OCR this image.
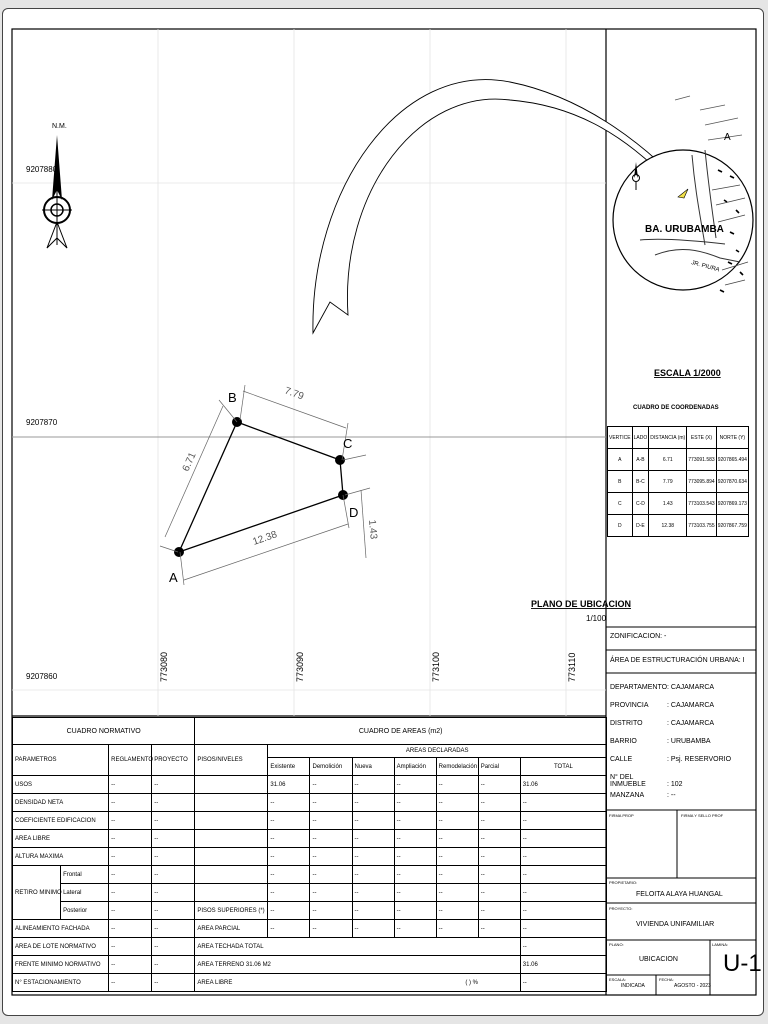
N.M.
9207880
9207870
9207860	773080	773090	773100	773110
A
B
C
D
6.71
7.79
1.43
12.38
PLANO DE UBICACION
1/100
A
BA. URUBAMBA
JR. PIURA
ESCALA 1/2000
CUADRO DE COORDENADAS
VERTICE	LADO	DISTANCIA (m)	ESTE (X)	NORTE (Y)
A	A-B	6.71	773091.583	9207865.494
B	B-C	7.79	773095.894	9207870.634
C	C-D	1.43	773103.543	9207869.173
D	D-E	12.38	773103.755	9207867.759
ZONIFICACION: -
ÁREA DE ESTRUCTURACIÓN URBANA: I
DEPARTAMENTO: CAJAMARCA
PROVINCIA	: CAJAMARCA
DISTRITO	: CAJAMARCA
BARRIO	: URUBAMBA
CALLE	: Psj. RESERVORIO
N° DEL INMUEBLE	: 102
MANZANA	: --
FIRMA PROP	FIRMA Y SELLO PROF
PROPIETARIO:
FELOITA ALAYA HUANGAL
PROYECTO:
VIVIENDA UNIFAMILIAR
PLANO:
UBICACION
LAMINA:
U-1
ESCALA:
INDICADA
FECHA:
AGOSTO - 2023
CUADRO NORMATIVO				CUADRO DE AREAS (m2)							
PARAMETROS		REGLAMENTO	PROYECTO	PISOS/NIVELES	AREAS DECLARADAS						
					Existente	Demolición	Nueva	Ampliación	Remodelación	Parcial	TOTAL
USOS		--	--		31.06	--	--	--	--	--	31.06
DENSIDAD NETA		--	--		--	--	--	--	--	--	--
COEFICIENTE EDIFICACION		--	--		--	--	--	--	--	--	--
AREA LIBRE		--	--		--	--	--	--	--	--	--
ALTURA MAXIMA		--	--		--	--	--	--	--	--	--
RETIRO MINIMO	Frontal	--	--		--	--	--	--	--	--	--
	Lateral	--	--		--	--	--	--	--	--	--
	Posterior	--	--	PISOS SUPERIORES (*)	--	--	--	--	--	--	--
ALINEAMIENTO FACHADA		--	--	AREA PARCIAL	--	--	--	--	--	--	--
AREA DE LOTE NORMATIVO		--	--	AREA TECHADA TOTAL							--
FRENTE MINIMO NORMATIVO		--	--	AREA TERRENO 31.06 M2							31.06
N° ESTACIONAMIENTO		--	--	AREA LIBRE ( ) %							--
